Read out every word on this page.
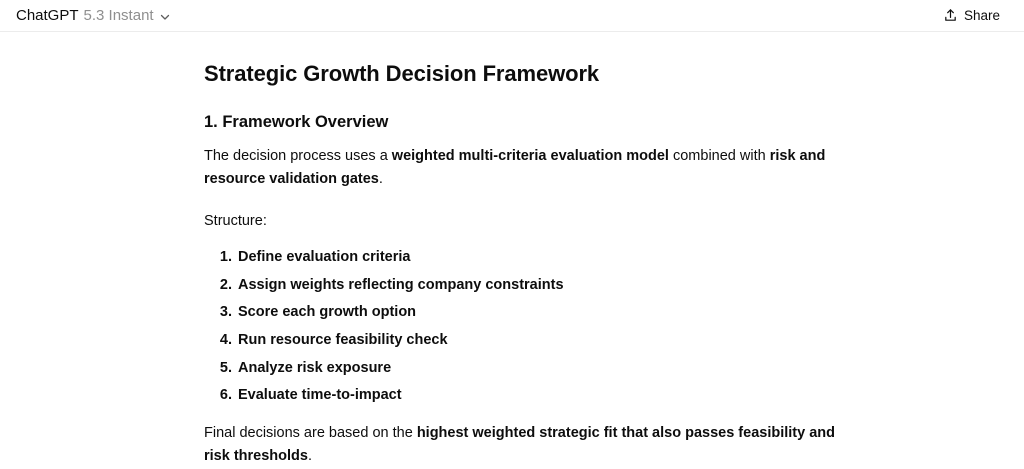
ChatGPT 5.3 Instant	Share
Strategic Growth Decision Framework
1. Framework Overview

The decision process uses a weighted multi-criteria evaluation model combined with risk and resource validation gates.

Structure:

Define evaluation criteria
Assign weights reflecting company constraints
Score each growth option
Run resource feasibility check
Analyze risk exposure
Evaluate time-to-impact

Final decisions are based on the highest weighted strategic fit that also passes feasibility and risk thresholds.
